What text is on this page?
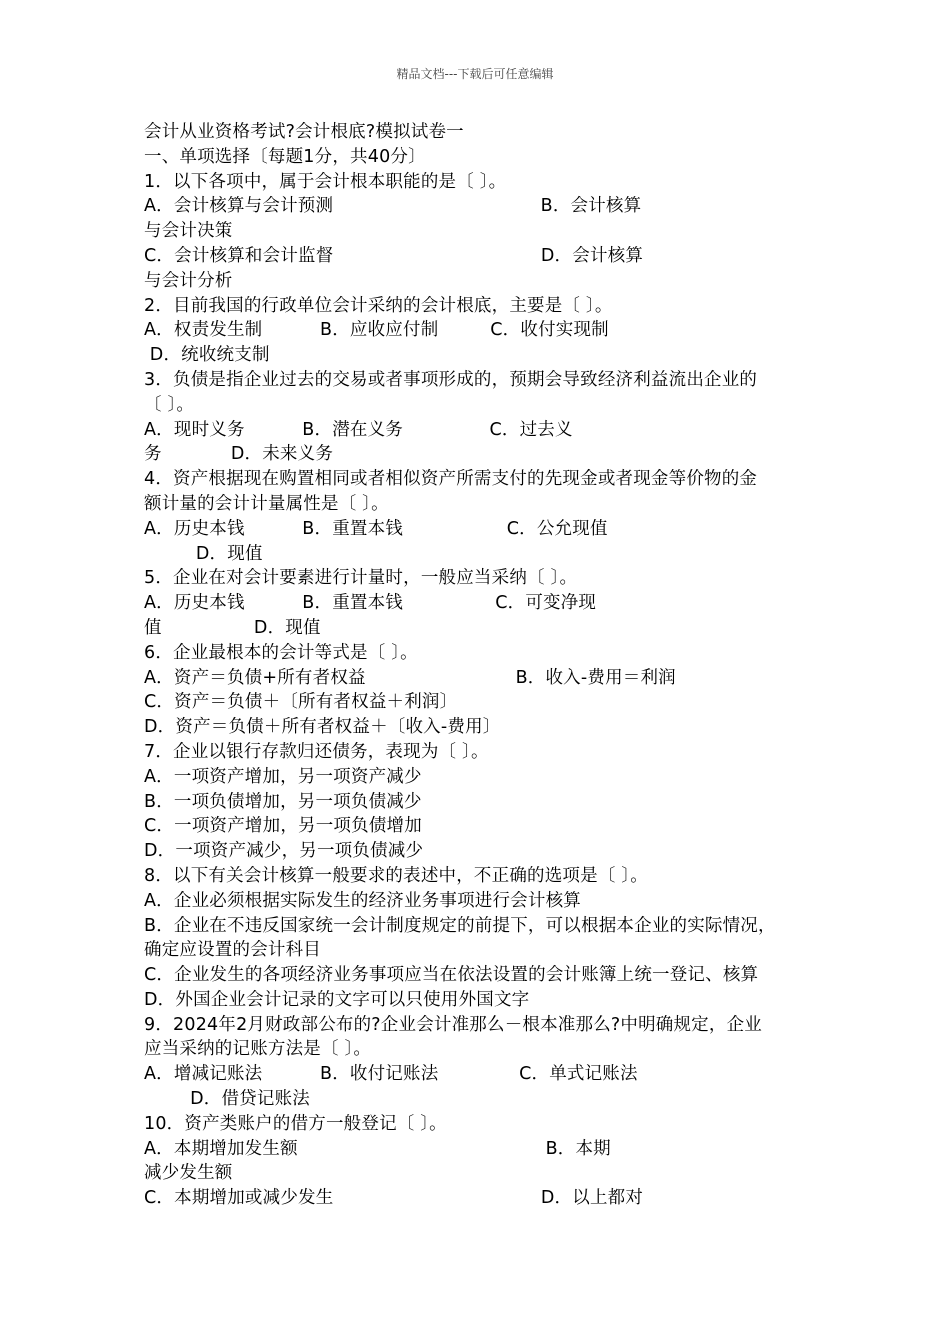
精品文档---下载后可任意编辑
会计从业资格考试?会计根底?模拟试卷一
一、单项选择〔每题1分，共40分〕
1．以下各项中，属于会计根本职能的是〔 〕。
A．会计核算与会计预测                                    B．会计核算
与会计决策
C．会计核算和会计监督                                    D．会计核算
与会计分析
2．目前我国的行政单位会计采纳的会计根底，主要是〔 〕。
A．权责发生制          B．应收应付制         C．收付实现制
D．统收统支制
3．负债是指企业过去的交易或者事项形成的，预期会导致经济利益流出企业的
〔 〕。
A．现时义务          B．潜在义务               C．过去义
务            D．未来义务
4．资产根据现在购置相同或者相似资产所需支付的先现金或者现金等价物的金
额计量的会计计量属性是〔 〕。
A．历史本钱          B．重置本钱                  C．公允现值
D．现值
5．企业在对会计要素进行计量时，一般应当采纳〔 〕。
A．历史本钱          B．重置本钱                C．可变净现
值                D．现值
6．企业最根本的会计等式是〔 〕。
A．资产＝负债+所有者权益                          B．收入-费用＝利润
C．资产＝负债＋〔所有者权益＋利润〕
D．资产＝负债＋所有者权益＋〔收入-费用〕
7．企业以银行存款归还债务，表现为〔 〕。
A．一项资产增加，另一项资产减少
B．一项负债增加，另一项负债减少
C．一项资产增加，另一项负债增加
D．一项资产减少，另一项负债减少
8．以下有关会计核算一般要求的表述中，不正确的选项是〔 〕。
A．企业必须根据实际发生的经济业务事项进行会计核算
B．企业在不违反国家统一会计制度规定的前提下，可以根据本企业的实际情况，
确定应设置的会计科目
C．企业发生的各项经济业务事项应当在依法设置的会计账簿上统一登记、核算
D．外国企业会计记录的文字可以只使用外国文字
9．2024年2月财政部公布的?企业会计准那么－根本准那么?中明确规定，企业
应当采纳的记账方法是〔 〕。
A．增减记账法          B．收付记账法              C．单式记账法
D．借贷记账法
10．资产类账户的借方一般登记〔 〕。
A．本期增加发生额                                           B．本期
减少发生额
C．本期增加或减少发生                                    D．以上都对
